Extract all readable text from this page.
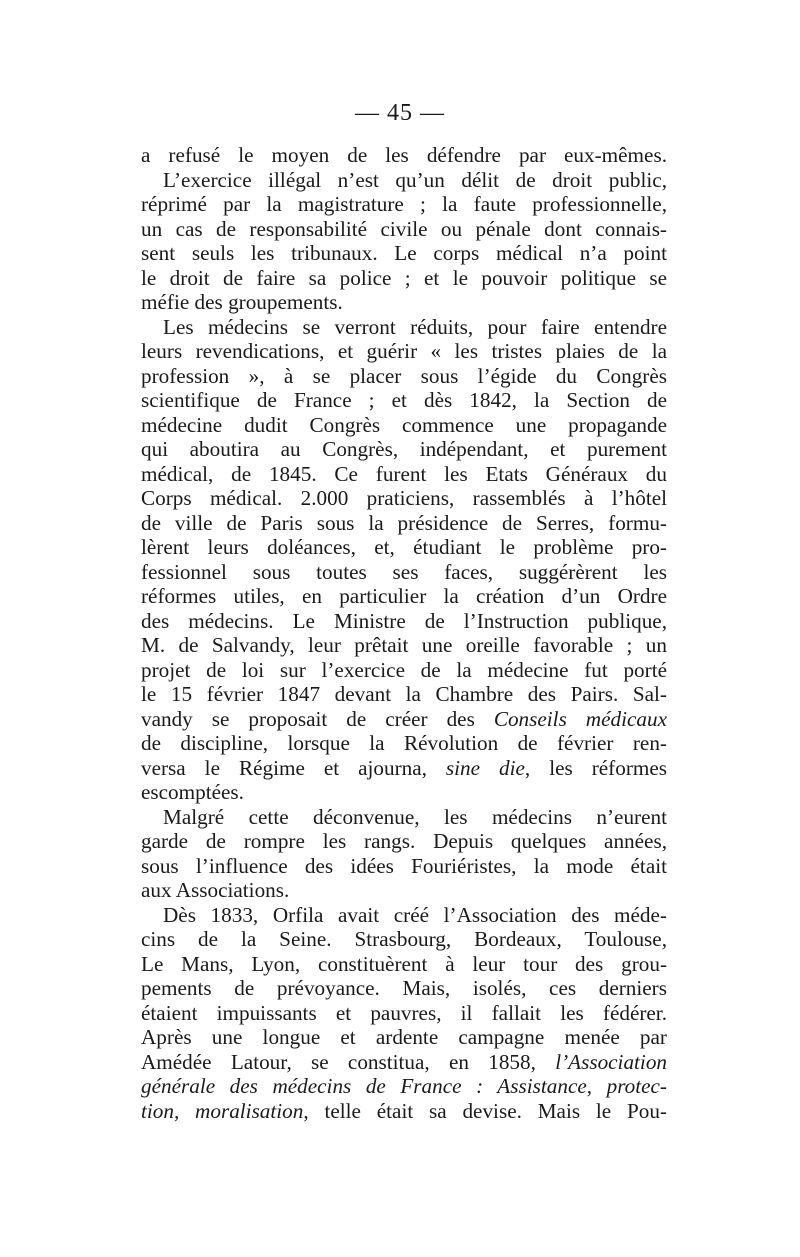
— 45 —
a refusé le moyen de les défendre par eux-mêmes.
L’exercice illégal n’est qu’un délit de droit public,
réprimé par la magistrature ; la faute professionnelle,
un cas de responsabilité civile ou pénale dont connais-
sent seuls les tribunaux. Le corps médical n’a point
le droit de faire sa police ; et le pouvoir politique se
méfie des groupements.
Les médecins se verront réduits, pour faire entendre
leurs revendications, et guérir « les tristes plaies de la
profession », à se placer sous l’égide du Congrès
scientifique de France ; et dès 1842, la Section de
médecine dudit Congrès commence une propagande
qui aboutira au Congrès, indépendant, et purement
médical, de 1845. Ce furent les Etats Généraux du
Corps médical. 2.000 praticiens, rassemblés à l’hôtel
de ville de Paris sous la présidence de Serres, formu-
lèrent leurs doléances, et, étudiant le problème pro-
fessionnel sous toutes ses faces, suggérèrent les
réformes utiles, en particulier la création d’un Ordre
des médecins. Le Ministre de l’Instruction publique,
M. de Salvandy, leur prêtait une oreille favorable ; un
projet de loi sur l’exercice de la médecine fut porté
le 15 février 1847 devant la Chambre des Pairs. Sal-
vandy se proposait de créer des Conseils médicaux
de discipline, lorsque la Révolution de février ren-
versa le Régime et ajourna, sine die, les réformes
escomptées.
Malgré cette déconvenue, les médecins n’eurent
garde de rompre les rangs. Depuis quelques années,
sous l’influence des idées Fouriéristes, la mode était
aux Associations.
Dès 1833, Orfila avait créé l’Association des méde-
cins de la Seine. Strasbourg, Bordeaux, Toulouse,
Le Mans, Lyon, constituèrent à leur tour des grou-
pements de prévoyance. Mais, isolés, ces derniers
étaient impuissants et pauvres, il fallait les fédérer.
Après une longue et ardente campagne menée par
Amédée Latour, se constitua, en 1858, l’Association
générale des médecins de France : Assistance, protec-
tion, moralisation, telle était sa devise. Mais le Pou-
